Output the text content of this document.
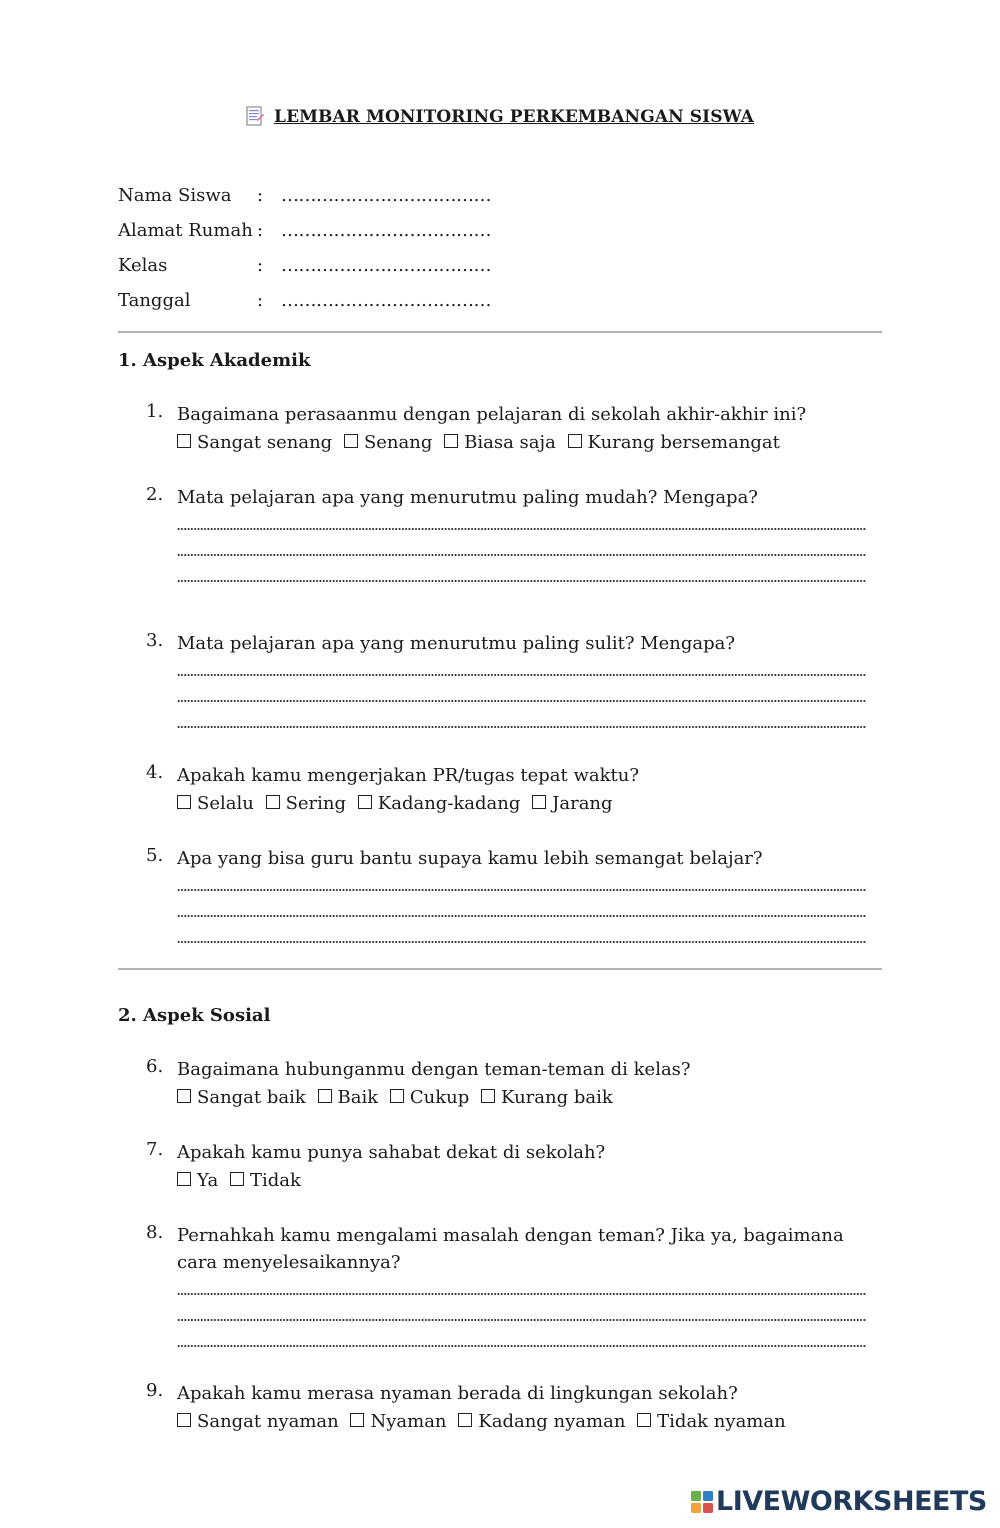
LEMBAR MONITORING PERKEMBANGAN SISWA
Nama Siswa	: ………………………………
Alamat Rumah : ………………………………
Kelas	: ………………………………
Tanggal	: ………………………………
1. Aspek Akademik
1. Bagaimana perasaanmu dengan pelajaran di sekolah akhir-akhir ini?
Sangat senang Senang Biasa saja Kurang bersemangat
2. Mata pelajaran apa yang menurutmu paling mudah? Mengapa?
3. Mata pelajaran apa yang menurutmu paling sulit? Mengapa?
4. Apakah kamu mengerjakan PR/tugas tepat waktu?
Selalu Sering Kadang-kadang Jarang
5. Apa yang bisa guru bantu supaya kamu lebih semangat belajar?
2. Aspek Sosial
6. Bagaimana hubunganmu dengan teman-teman di kelas?
Sangat baik Baik Cukup Kurang baik
7. Apakah kamu punya sahabat dekat di sekolah?
Ya Tidak
8. Pernahkah kamu mengalami masalah dengan teman? Jika ya, bagaimana cara menyelesaikannya?
9. Apakah kamu merasa nyaman berada di lingkungan sekolah?
Sangat nyaman Nyaman Kadang nyaman Tidak nyaman
LIVEWORKSHEETS
